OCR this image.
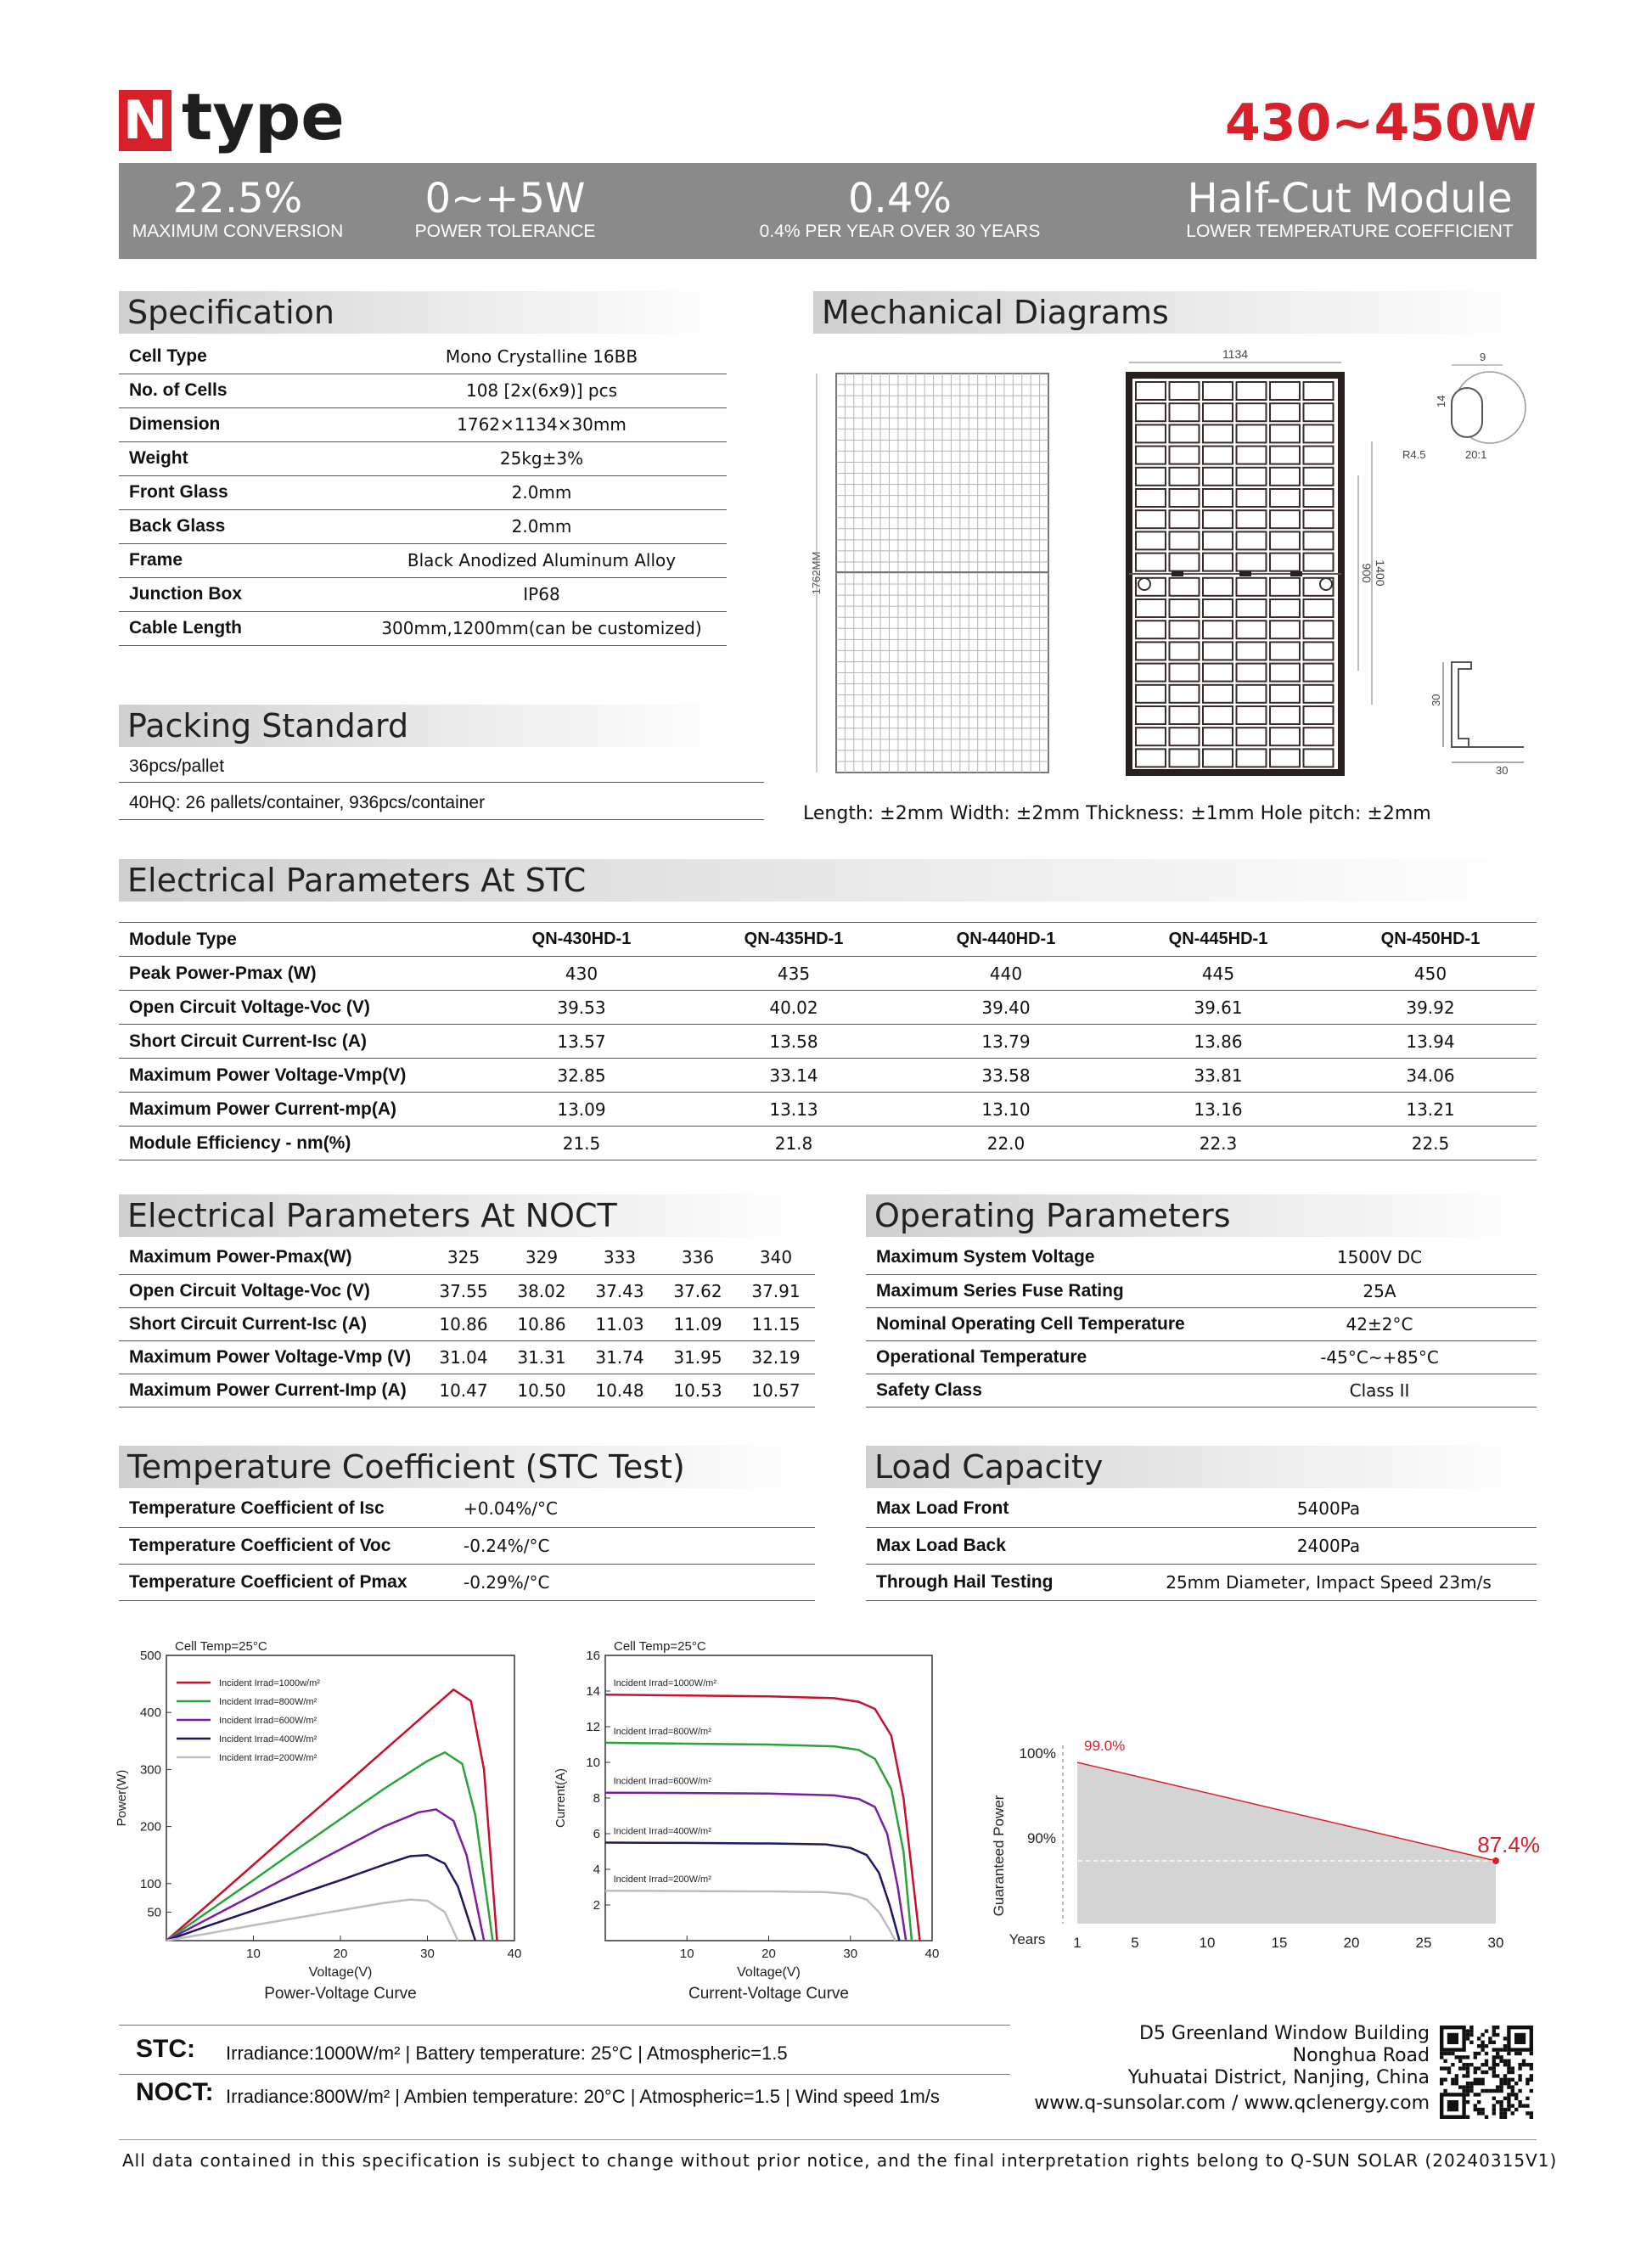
N type	430~450W
22.5%
MAXIMUM CONVERSION
0~+5W
POWER TOLERANCE
0.4%
0.4% PER YEAR OVER 30 YEARS
Half-Cut Module
LOWER TEMPERATURE COEFFICIENT
Specification
Cell Type	Mono Crystalline 16BB
No. of Cells	108 [2x(6x9)] pcs
Dimension	1762×1134×30mm
Weight	25kg±3%
Front Glass	2.0mm
Back Glass	2.0mm
Frame	Black Anodized Aluminum Alloy
Junction Box	IP68
Cable Length	300mm,1200mm(can be customized)
Mechanical Diagrams
1762MM
1134
900 1400
9
14
R4.5	20:1
30
30
Length: ±2mm Width: ±2mm Thickness: ±1mm Hole pitch: ±2mm
Packing Standard
36pcs/pallet
40HQ: 26 pallets/container, 936pcs/container
Electrical Parameters At STC
Module Type	QN-430HD-1	QN-435HD-1	QN-440HD-1	QN-445HD-1	QN-450HD-1
Peak Power-Pmax (W)	430	435	440	445	450
Open Circuit Voltage-Voc (V)	39.53	40.02	39.40	39.61	39.92
Short Circuit Current-Isc (A)	13.57	13.58	13.79	13.86	13.94
Maximum Power Voltage-Vmp(V)	32.85	33.14	33.58	33.81	34.06
Maximum Power Current-mp(A)	13.09	13.13	13.10	13.16	13.21
Module Efficiency - nm(%)	21.5	21.8	22.0	22.3	22.5
Electrical Parameters At NOCT
Maximum Power-Pmax(W)	325	329	333	336	340
Open Circuit Voltage-Voc (V)	37.55	38.02	37.43	37.62	37.91
Short Circuit Current-Isc (A)	10.86	10.86	11.03	11.09	11.15
Maximum Power Voltage-Vmp (V)	31.04	31.31	31.74	31.95	32.19
Maximum Power Current-Imp (A)	10.47	10.50	10.48	10.53	10.57
Operating Parameters
Maximum System Voltage	1500V DC
Maximum Series Fuse Rating	25A
Nominal Operating Cell Temperature	42±2°C
Operational Temperature	-45°C~+85°C
Safety Class	Class II
Temperature Coefficient (STC Test)
Temperature Coefficient of Isc	+0.04%/°C
Temperature Coefficient of Voc	-0.24%/°C
Temperature Coefficient of Pmax	-0.29%/°C
Load Capacity
Max Load Front	5400Pa
Max Load Back	2400Pa
Through Hail Testing	25mm Diameter, Impact Speed 23m/s
10	20	30	40
50
100
200
300
400
500
Incident Irrad=1000w/m²
Incident Irrad=800W/m²
Incident Irrad=600W/m²
Incident Irrad=400W/m²
Incident Irrad=200W/m²
Voltage(V)
Power(W)
Cell Temp=25°C
Power-Voltage Curve
10	20	30	40
2
4
6
8
10
12
14
16
Incident Irrad=1000W/m²
Incident Irrad=800W/m²
Incident Irrad=600W/m²
Incident Irrad=400W/m²
Incident Irrad=200W/m²
Voltage(V)
Current(A)
Cell Temp=25°C
Current-Voltage Curve
90%
100%
1	5	10	15	20	25	30
Years
Guaranteed Power
99.0%
87.4%
STC: Irradiance:1000W/m² | Battery temperature: 25°C | Atmospheric=1.5
NOCT: Irradiance:800W/m² | Ambien temperature: 20°C | Atmospheric=1.5 | Wind speed 1m/s
D5 Greenland Window Building
Nonghua Road
Yuhuatai District, Nanjing, China
www.q-sunsolar.com / www.qclenergy.com
All data contained in this specification is subject to change without prior notice, and the final interpretation rights belong to Q-SUN SOLAR (20240315V1)
